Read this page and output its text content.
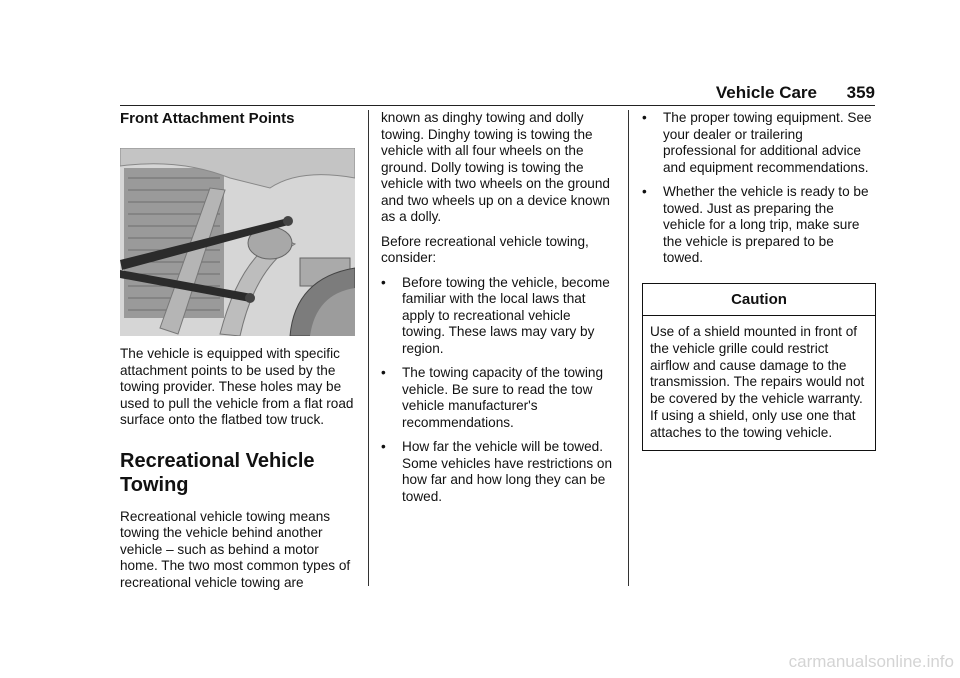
Vehicle Care 359
Front Attachment Points

The vehicle is equipped with specific attachment points to be used by the towing provider. These holes may be used to pull the vehicle from a flat road surface onto the flatbed tow truck.

Recreational Vehicle Towing

Recreational vehicle towing means towing the vehicle behind another vehicle – such as behind a motor home. The two most common types of recreational vehicle towing are

known as dinghy towing and dolly towing. Dinghy towing is towing the vehicle with all four wheels on the ground. Dolly towing is towing the vehicle with two wheels on the ground and two wheels up on a device known as a dolly.

Before recreational vehicle towing, consider:

• Before towing the vehicle, become familiar with the local laws that apply to recreational vehicle towing. These laws may vary by region.
• The towing capacity of the towing vehicle. Be sure to read the tow vehicle manufacturer's recommendations.
• How far the vehicle will be towed. Some vehicles have restrictions on how far and how long they can be towed.
• The proper towing equipment. See your dealer or trailering professional for additional advice and equipment recommendations.
• Whether the vehicle is ready to be towed. Just as preparing the vehicle for a long trip, make sure the vehicle is prepared to be towed.
Caution
Use of a shield mounted in front of the vehicle grille could restrict airflow and cause damage to the transmission. The repairs would not be covered by the vehicle warranty. If using a shield, only use one that attaches to the towing vehicle.
carmanualsonline.info
